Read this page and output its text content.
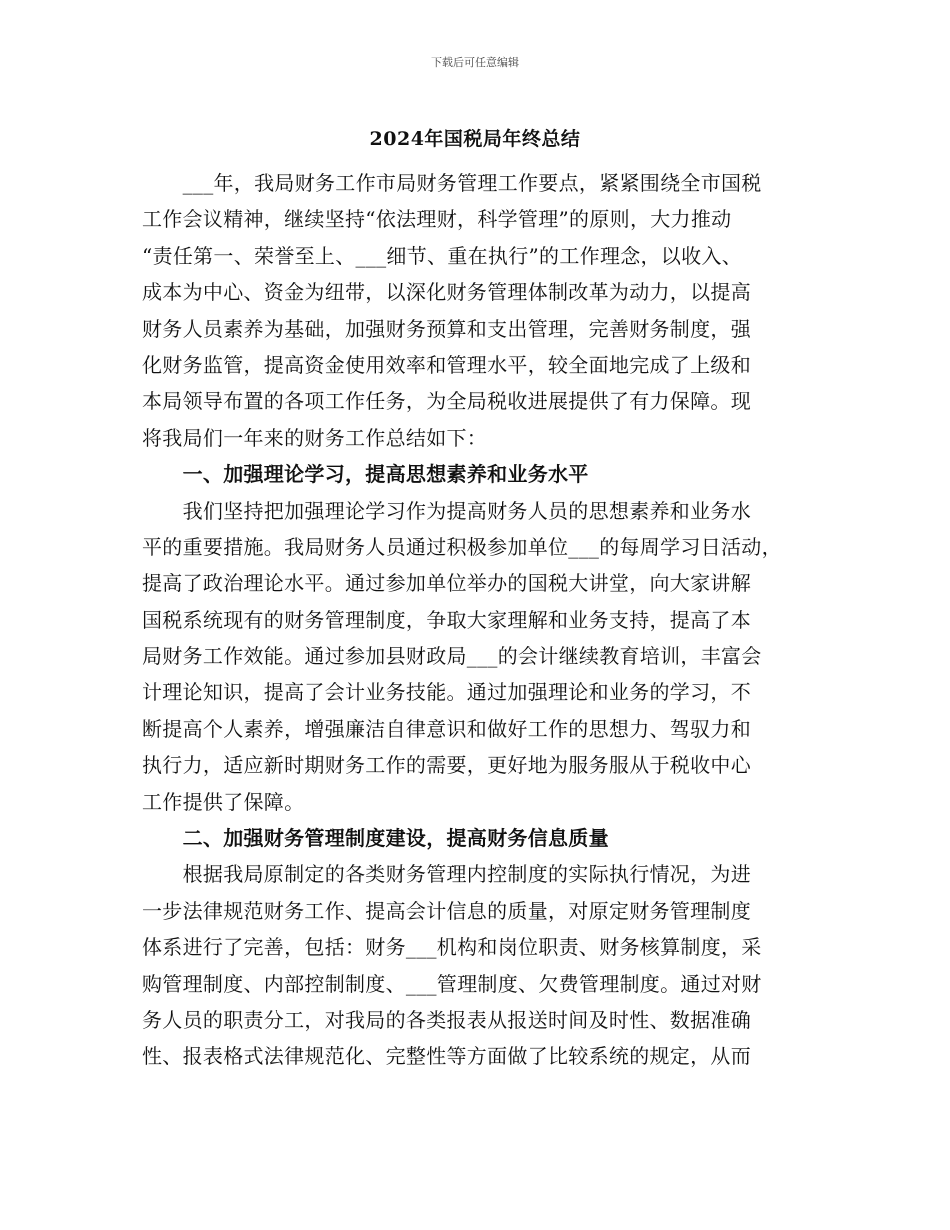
下载后可任意编辑
2024年国税局年终总结
　　___年，我局财务工作市局财务管理工作要点，紧紧围绕全市国税
工作会议精神，继续坚持“依法理财，科学管理”的原则，大力推动
“责任第一、荣誉至上、___细节、重在执行”的工作理念，以收入、
成本为中心、资金为纽带，以深化财务管理体制改革为动力，以提高
财务人员素养为基础，加强财务预算和支出管理，完善财务制度，强
化财务监管，提高资金使用效率和管理水平，较全面地完成了上级和
本局领导布置的各项工作任务，为全局税收进展提供了有力保障。现
将我局们一年来的财务工作总结如下：
　　一、加强理论学习，提高思想素养和业务水平
　　我们坚持把加强理论学习作为提高财务人员的思想素养和业务水
平的重要措施。我局财务人员通过积极参加单位___的每周学习日活动，
提高了政治理论水平。通过参加单位举办的国税大讲堂，向大家讲解
国税系统现有的财务管理制度，争取大家理解和业务支持，提高了本
局财务工作效能。通过参加县财政局___的会计继续教育培训，丰富会
计理论知识，提高了会计业务技能。通过加强理论和业务的学习，不
断提高个人素养，增强廉洁自律意识和做好工作的思想力、驾驭力和
执行力，适应新时期财务工作的需要，更好地为服务服从于税收中心
工作提供了保障。
　　二、加强财务管理制度建设，提高财务信息质量
　　根据我局原制定的各类财务管理内控制度的实际执行情况，为进
一步法律规范财务工作、提高会计信息的质量，对原定财务管理制度
体系进行了完善，包括：财务___机构和岗位职责、财务核算制度，采
购管理制度、内部控制制度、___管理制度、欠费管理制度。通过对财
务人员的职责分工，对我局的各类报表从报送时间及时性、数据准确
性、报表格式法律规范化、完整性等方面做了比较系统的规定，从而
